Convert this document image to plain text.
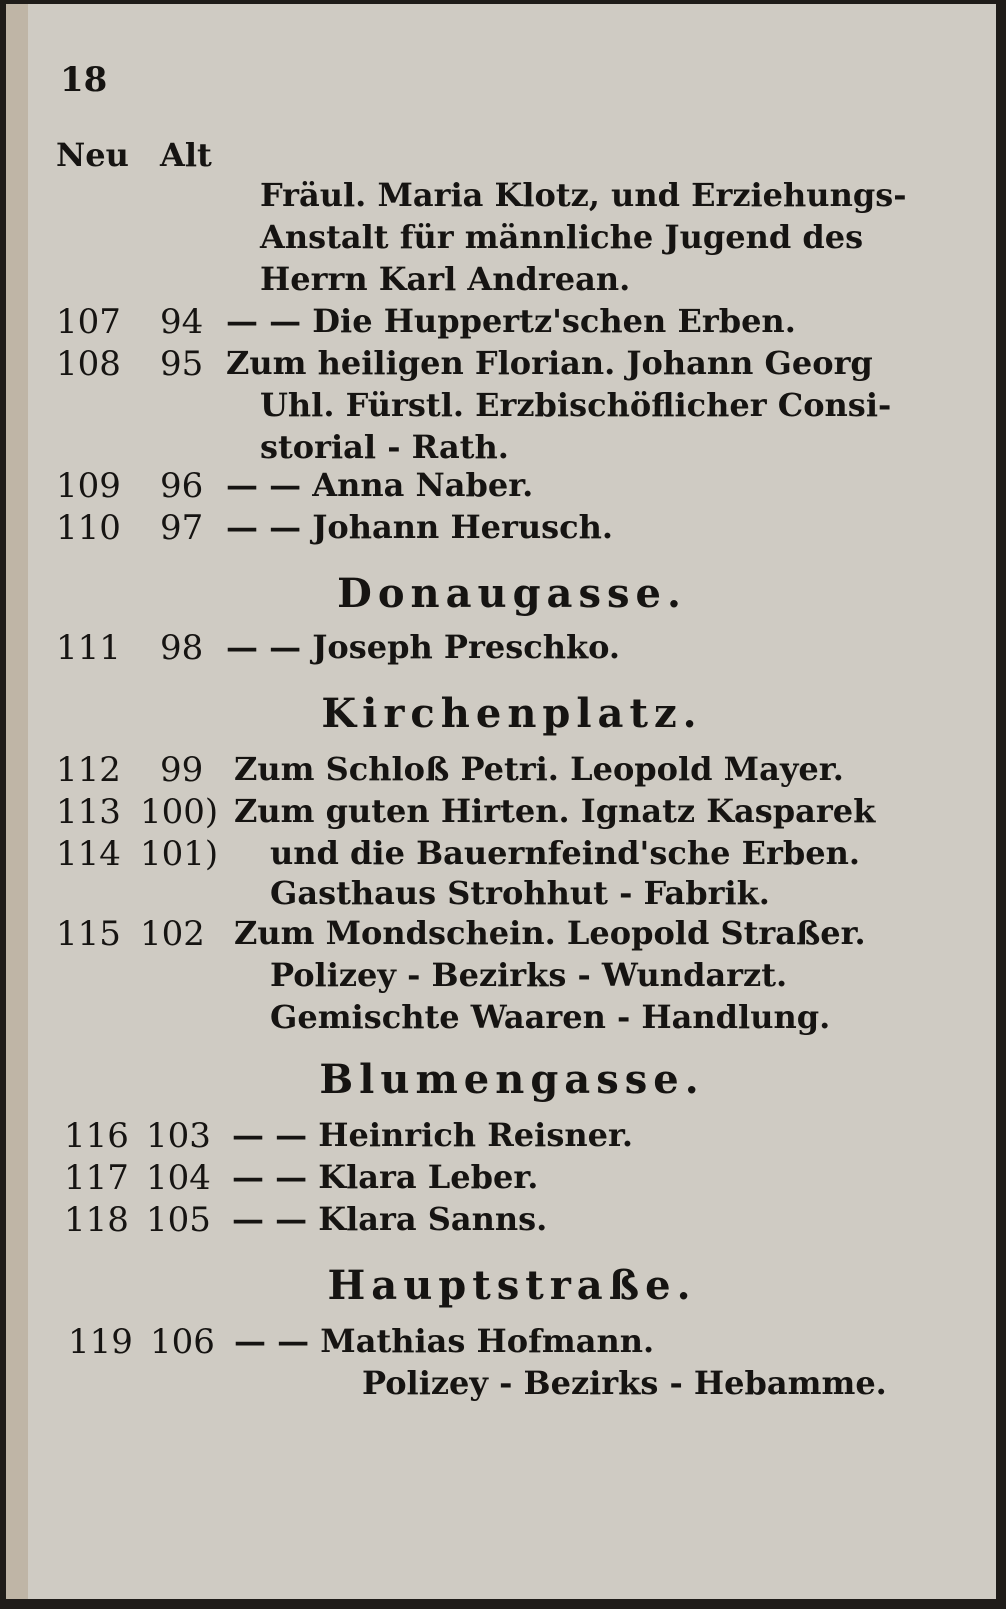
18
Neu Alt
Fräul. Maria Klotz, und Erziehungs-
Anstalt für männliche Jugend des
Herrn Karl Andrean.
107 94 — — Die Huppertz'schen Erben.
108 95 Zum heiligen Florian. Johann Georg
Uhl. Fürstl. Erzbischöflicher Consi-
storial - Rath.
109 96 — — Anna Naber.
110 97 — — Johann Herusch.
Donaugasse.
111 98 — — Joseph Preschko.
Kirchenplatz.
112 99 Zum Schloß Petri. Leopold Mayer.
113 100) Zum guten Hirten. Ignatz Kasparek
114 101) und die Bauernfeind'sche Erben.
Gasthaus Strohhut - Fabrik.
115 102 Zum Mondschein. Leopold Straßer.
Polizey - Bezirks - Wundarzt.
Gemischte Waaren - Handlung.
Blumengasse.
116 103 — — Heinrich Reisner.
117 104 — — Klara Leber.
118 105 — — Klara Sanns.
Hauptstraße.
119 106 — — Mathias Hofmann.
Polizey - Bezirks - Hebamme.
